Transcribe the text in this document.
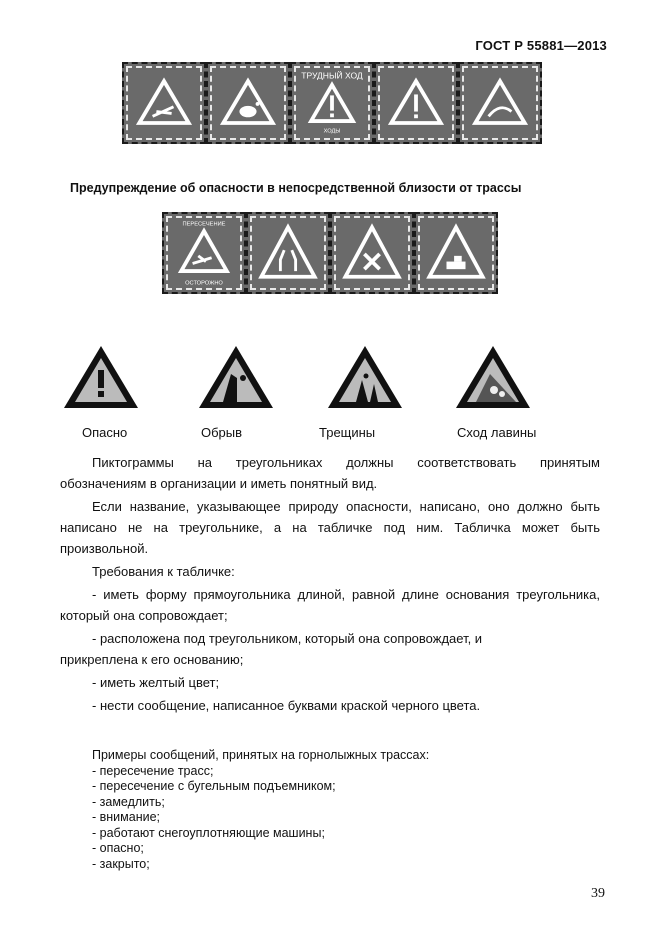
ГОСТ Р 55881—2013
ТРУДНЫЙ ХОД
ХОДЫ
Предупреждение об опасности в непосредственной близости от трассы
ПЕРЕСЕЧЕНИЕ
ОСТОРОЖНО
Опасно	Обрыв	Трещины	Сход лавины
Пиктограммы на треугольниках должны соответствовать принятым
обозначениям в организации и иметь понятный вид.

Если название, указывающее природу опасности, написано, оно должно быть написано не на треугольнике, а на табличке под ним. Табличка может быть произвольной.

Требования к табличке:

- иметь форму прямоугольника длиной, равной длине основания треугольника, который она сопровождает;

- расположена под треугольником, который она сопровождает, и

прикреплена к его основанию;

- иметь желтый цвет;

- нести сообщение, написанное буквами краской черного цвета.

Примеры сообщений, принятых на горнолыжных трассах:
- пересечение трасс;
- пересечение с бугельным подъемником;
- замедлить;
- внимание;
- работают снегоуплотняющие машины;
- опасно;
- закрыто;
39
